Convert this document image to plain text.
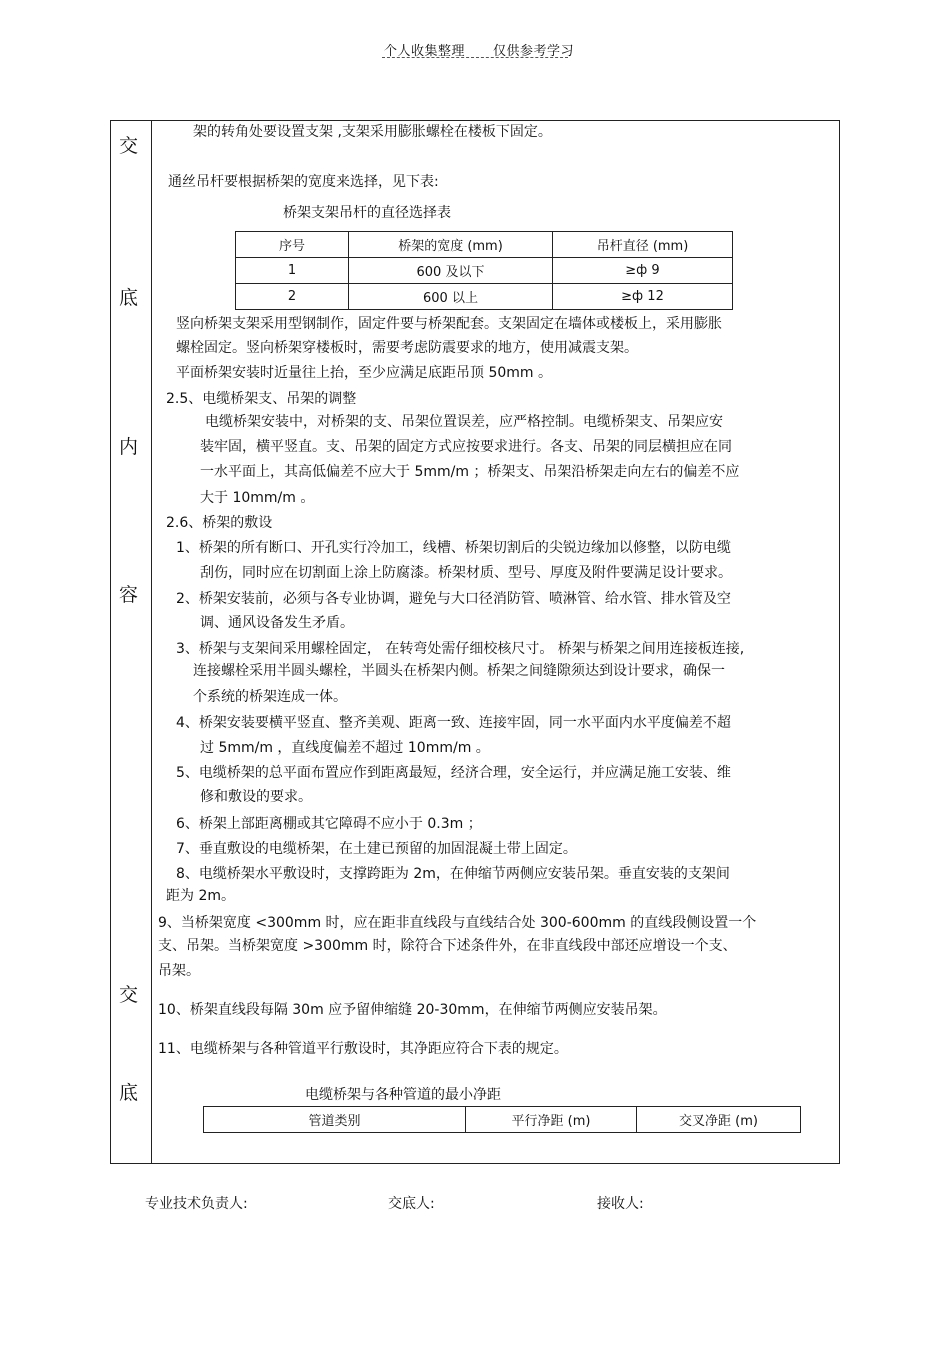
个人收集整理 仅供参考学习
交
底
内
容
交
底
架的转角处要设置支架 ,支架采用膨胀螺栓在楼板下固定。
通丝吊杆要根据桥架的宽度来选择，见下表:
桥架支架吊杆的直径选择表
序号	桥架的宽度 (mm)	吊杆直径 (mm)
1	600 及以下	≥ф 9
2	600 以上	≥ф 12
竖向桥架支架采用型钢制作，固定件要与桥架配套。支架固定在墙体或楼板上，采用膨胀
螺栓固定。竖向桥架穿楼板时，需要考虑防震要求的地方，使用减震支架。
平面桥架安装时近量往上抬，至少应满足底距吊顶 50mm 。
2.5、电缆桥架支、吊架的调整
电缆桥架安装中，对桥架的支、吊架位置误差，应严格控制。电缆桥架支、吊架应安
装牢固，横平竖直。支、吊架的固定方式应按要求进行。各支、吊架的同层横担应在同
一水平面上，其高低偏差不应大于 5mm/m ；桥架支、吊架沿桥架走向左右的偏差不应
大于 10mm/m 。
2.6、桥架的敷设
1、桥架的所有断口、开孔实行冷加工，线槽、桥架切割后的尖锐边缘加以修整，以防电缆
刮伤，同时应在切割面上涂上防腐漆。桥架材质、型号、厚度及附件要满足设计要求。
2、桥架安装前，必须与各专业协调，避免与大口径消防管、喷淋管、给水管、排水管及空
调、通风设备发生矛盾。
3、桥架与支架间采用螺栓固定， 在转弯处需仔细校核尺寸。 桥架与桥架之间用连接板连接,
连接螺栓采用半圆头螺栓，半圆头在桥架内侧。桥架之间缝隙须达到设计要求，确保一
个系统的桥架连成一体。
4、桥架安装要横平竖直、整齐美观、距离一致、连接牢固，同一水平面内水平度偏差不超
过 5mm/m ，直线度偏差不超过 10mm/m 。
5、电缆桥架的总平面布置应作到距离最短，经济合理，安全运行，并应满足施工安装、维
修和敷设的要求。
6、桥架上部距离棚或其它障碍不应小于 0.3m ；
7、垂直敷设的电缆桥架，在土建已预留的加固混凝土带上固定。
8、电缆桥架水平敷设时，支撑跨距为 2m，在伸缩节两侧应安装吊架。垂直安装的支架间
距为 2m。
9、当桥架宽度 <300mm 时，应在距非直线段与直线结合处 300-600mm 的直线段侧设置一个
支、吊架。当桥架宽度 >300mm 时，除符合下述条件外，在非直线段中部还应增设一个支、
吊架。
10、桥架直线段每隔 30m 应予留伸缩缝 20-30mm，在伸缩节两侧应安装吊架。
11、电缆桥架与各种管道平行敷设时，其净距应符合下表的规定。
电缆桥架与各种管道的最小净距
管道类别	平行净距 (m)	交叉净距 (m)
专业技术负责人:	交底人:	接收人:
